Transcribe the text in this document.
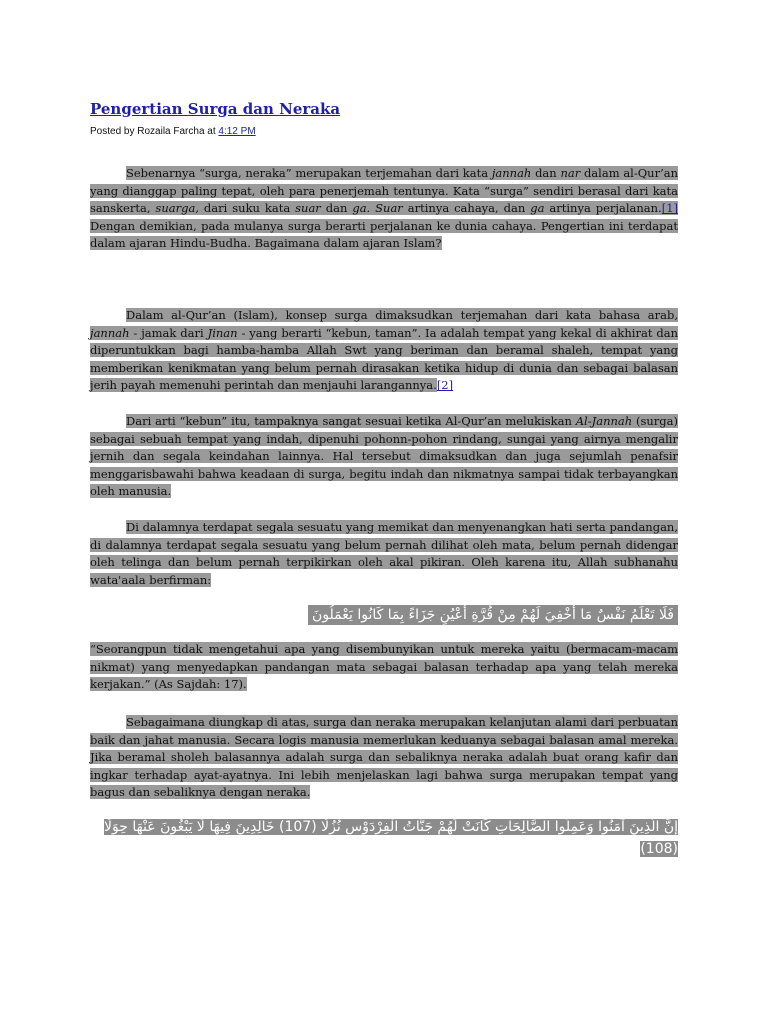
Pengertian Surga dan Neraka

Posted by Rozaila Farcha at 4:12 PM

Sebenarnya “surga, neraka” merupakan terjemahan dari kata jannah dan nar dalam al-Qur’an yang dianggap paling tepat, oleh para penerjemah tentunya. Kata “surga” sendiri berasal dari kata sanskerta, suarga, dari suku kata suar dan ga. Suar artinya cahaya, dan ga artinya perjalanan.[1] Dengan demikian, pada mulanya surga berarti perjalanan ke dunia cahaya. Pengertian ini terdapat dalam ajaran Hindu-Budha. Bagaimana dalam ajaran Islam?

Dalam al-Qur’an (Islam), konsep surga dimaksudkan terjemahan dari kata bahasa arab, jannah - jamak dari Jinan - yang berarti “kebun, taman”. Ia adalah tempat yang kekal di akhirat dan diperuntukkan bagi hamba-hamba Allah Swt yang beriman dan beramal shaleh, tempat yang memberikan kenikmatan yang belum pernah dirasakan ketika hidup di dunia dan sebagai balasan jerih payah memenuhi perintah dan menjauhi larangannya.[2]

Dari arti “kebun” itu, tampaknya sangat sesuai ketika Al-Qur’an melukiskan Al-Jannah (surga) sebagai sebuah tempat yang indah, dipenuhi pohonn-pohon rindang, sungai yang airnya mengalir jernih dan segala keindahan lainnya. Hal tersebut dimaksudkan dan juga sejumlah penafsir menggarisbawahi bahwa keadaan di surga, begitu indah dan nikmatnya sampai tidak terbayangkan oleh manusia.

Di dalamnya terdapat segala sesuatu yang memikat dan menyenangkan hati serta pandangan, di dalamnya terdapat segala sesuatu yang belum pernah dilihat oleh mata, belum pernah didengar oleh telinga dan belum pernah terpikirkan oleh akal pikiran. Oleh karena itu, Allah subhanahu wata'aala berfirman:

فَلَا تَعْلَمُ نَفْسٌ مَا أُخْفِيَ لَهُمْ مِنْ قُرَّةِ أَعْيُنٍ جَزَاءً بِمَا كَانُوا يَعْمَلُونَ

“Seorangpun tidak mengetahui apa yang disembunyikan untuk mereka yaitu (bermacam-macam nikmat) yang menyedapkan pandangan mata sebagai balasan terhadap apa yang telah mereka kerjakan.” (As Sajdah: 17).

Sebagaimana diungkap di atas, surga dan neraka merupakan kelanjutan alami dari perbuatan baik dan jahat manusia. Secara logis manusia memerlukan keduanya sebagai balasan amal mereka. Jika beramal sholeh balasannya adalah surga dan sebaliknya neraka adalah buat orang kafir dan ingkar terhadap ayat-ayatnya. Ini lebih menjelaskan lagi bahwa surga merupakan tempat yang bagus dan sebaliknya dengan neraka.

إِنَّ الَّذِينَ آمَنُوا وَعَمِلُوا الصَّالِحَاتِ كَانَتْ لَهُمْ جَنَّاتُ الْفِرْدَوْسِ نُزُلًا (107) خَالِدِينَ فِيهَا لَا يَبْغُونَ عَنْهَا حِوَلًا (108)
